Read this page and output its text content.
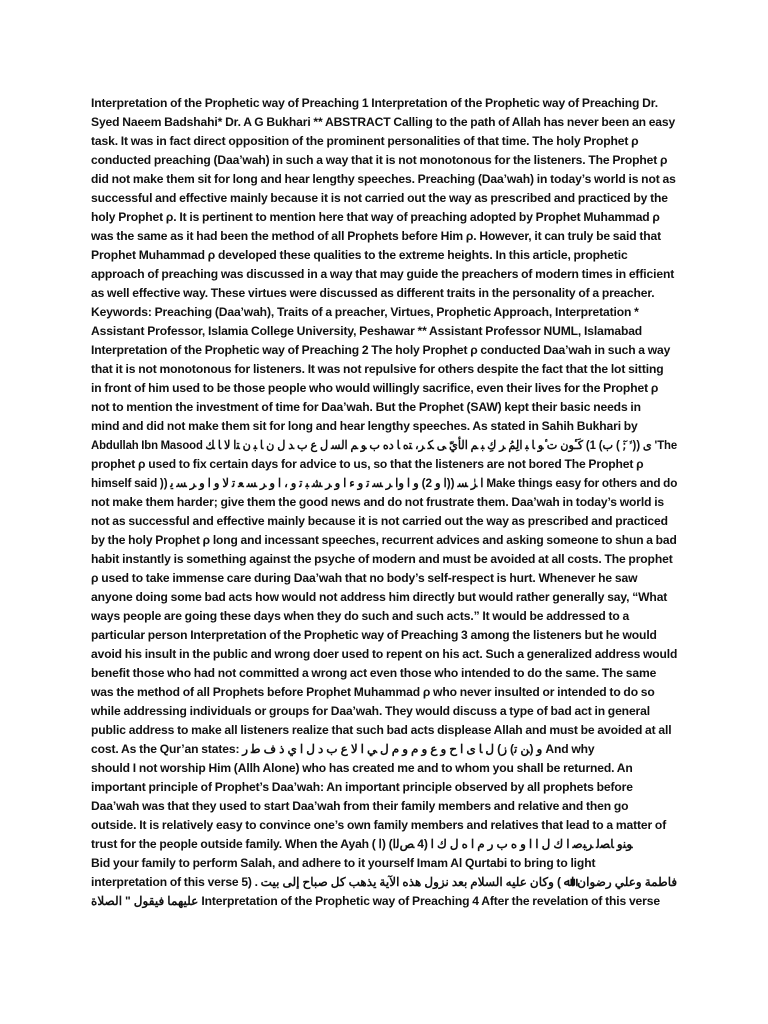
Interpretation of the Prophetic way of Preaching 1 Interpretation of the Prophetic way of Preaching Dr.
Syed Naeem Badshahi* Dr. A G Bukhari ** ABSTRACT Calling to the path of Allah has never been an easy
task. It was in fact direct opposition of the prominent personalities of that time. The holy Prophet ρ
conducted preaching (Daa’wah) in such a way that it is not monotonous for the listeners. The Prophet ρ
did not make them sit for long and hear lengthy speeches. Preaching (Daa’wah) in today’s world is not as
successful and effective mainly because it is not carried out the way as prescribed and practiced by the
holy Prophet ρ. It is pertinent to mention here that way of preaching adopted by Prophet Muhammad ρ
was the same as it had been the method of all Prophets before Him ρ. However, it can truly be said that
Prophet Muhammad ρ developed these qualities to the extreme heights. In this article, prophetic
approach of preaching was discussed in a way that may guide the preachers of modern times in efficient
as well effective way. These virtues were discussed as different traits in the personality of a preacher.
Keywords: Preaching (Daa’wah), Traits of a preacher, Virtues, Prophetic Approach, Interpretation *
Assistant Professor, Islamia College University, Peshawar ** Assistant Professor NUML, Islamabad
Interpretation of the Prophetic way of Preaching 2 The holy Prophet ρ conducted Daa’wah in such a way
that it is not monotonous for listeners. It was not repulsive for others despite the fact that the lot sitting
in front of him used to be those people who would willingly sacrifice, even their lives for the Prophet ρ
not to mention the investment of time for Daa’wah. But the Prophet (SAW) kept their basic needs in
mind and did not make them sit for long and hear lengthy speeches. As stated in Sahih Bukhari by
Abdullah Ibn Masood ی ((ﱢ ;ٓ ) ب) 1) كَـٔﻮن ت ٔﻮ ﺎ ﺒ الِمُ ﺮ كِ ﺒ ﻢ الأيّ ﻰ ﻜ ﺮ، ﺘﻩ ﺎ ﺩﻩ ﺏ ﻮ ﻢ ﺍﻟﺴ ﻝ ﻉ ﺏ ﺪ ﻝ ﻥ ﺎ ﺒ ﻥ ﺘﺍ ﻻ ﺎ ﻚ 'The
prophet ρ used to fix certain days for advice to us, so that the listeners are not bored The Prophet ρ
himself said )) ﺍ ﺮٰ ﺴ ((ﺍ ﻭ 2) ﻭ ﺍ ﻭﺍ ﺮ ﺴ ﺗ ﻭ ﺀ ﺍ ﻭ ﺮ ﺸ ﺒ ﺗ ﻭ ، ﺍ ﻭ ﺮ ﺴ ﻌ ﺗ ﻻ ﻭ ﺍ ﻭ ﺮ ﺴ ﻳ Make things easy for others and do
not make them harder; give them the good news and do not frustrate them. Daa’wah in today’s world is
not as successful and effective mainly because it is not carried out the way as prescribed and practiced
by the holy Prophet ρ long and incessant speeches, recurrent advices and asking someone to shun a bad
habit instantly is something against the psyche of modern and must be avoided at all costs. The prophet
ρ used to take immense care during Daa’wah that no body’s self-respect is hurt. Whenever he saw
anyone doing some bad acts how would not address him directly but would rather generally say, “What
ways people are going these days when they do such and such acts.” It would be addressed to a
particular person Interpretation of the Prophetic way of Preaching 3 among the listeners but he would
avoid his insult in the public and wrong doer used to repent on his act. Such a generalized address would
benefit those who had not committed a wrong act even those who intended to do the same. The same
was the method of all Prophets before Prophet Muhammad ρ who never insulted or intended to do so
while addressing individuals or groups for Daa’wah. They would discuss a type of bad act in general
public address to make all listeners realize that such bad acts displease Allah and must be avoided at all
cost. As the Qur’an states: ﻭ (ﻦ ﺗ) ﺯ) ﻝ ﺎ ﻯ ﺍ ﺡ ﻭ ﻉ ﻭ ﻡ ﻭ ﻡ ﻝ ﻲ ﺍ ﻻ ﻉ ﺏ ﺩ ﻝ ﺍ ﻱ ﺫ ﻑ ﻃ ﺭ And why
should I not worship Him (Allh Alone) who has created me and to whom you shall be returned. An
important principle of Prophet’s Daa’wah: An important principle observed by all prophets before
Daa’wah was that they used to start Daa’wah from their family members and relative and then go
outside. It is relatively easy to convince one’s own family members and relatives that lead to a matter of
trust for the people outside family. When the Ayah ( ﺍ) (4 ﺺﻟﺍ) ﻮﻨﻭ ﺎﺼﻟ ﺮﺒﺻ ﺍ ﻙ ﻝ ﺍ ﺍ ﻭ ﻩ ﺏ ﺭ ﻡ ﺍ ﻩ ﻝ ﻙ ﺍ
Bid your family to perform Salah, and adhere to it yourself Imam Al Qurtabi to bring to light
interpretation of this verse 5) . ﻓﺎﻃﻤﺔ ﻭﻋﻠﻲ ﺭﺿﻮﺍﻥ ﺍﷲ ) ﻭﻛﺎﻥ ﻋﻠﻴﻪ ﺍﻟﺴﻼﻡ ﺑﻌﺪ ﻧﺰﻭﻝ ﻫﺬﻩ ﺍﻵﻳﺔ ﻳﺬﻫﺐ ﻛﻞ ﺻﺒﺎﺡ ﺇﻟﻰ ﺑﻴﺖ
ﻋﻠﻴﻬﻤﺎ ﻓﻴﻘﻮﻝ " ﺍﻟﺼﻼﺓ Interpretation of the Prophetic way of Preaching 4 After the revelation of this verse
